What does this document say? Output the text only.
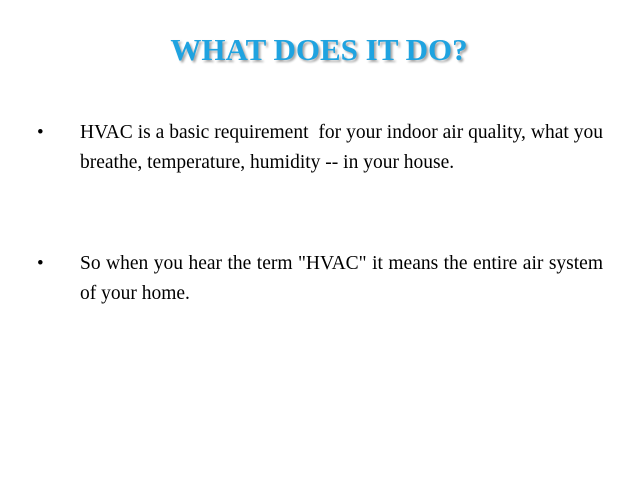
WHAT DOES IT DO?
• HVAC is a basic requirement  for your indoor air quality, what you breathe, temperature, humidity -- in your house.
• So when you hear the term "HVAC" it means the entire air system of your home.
